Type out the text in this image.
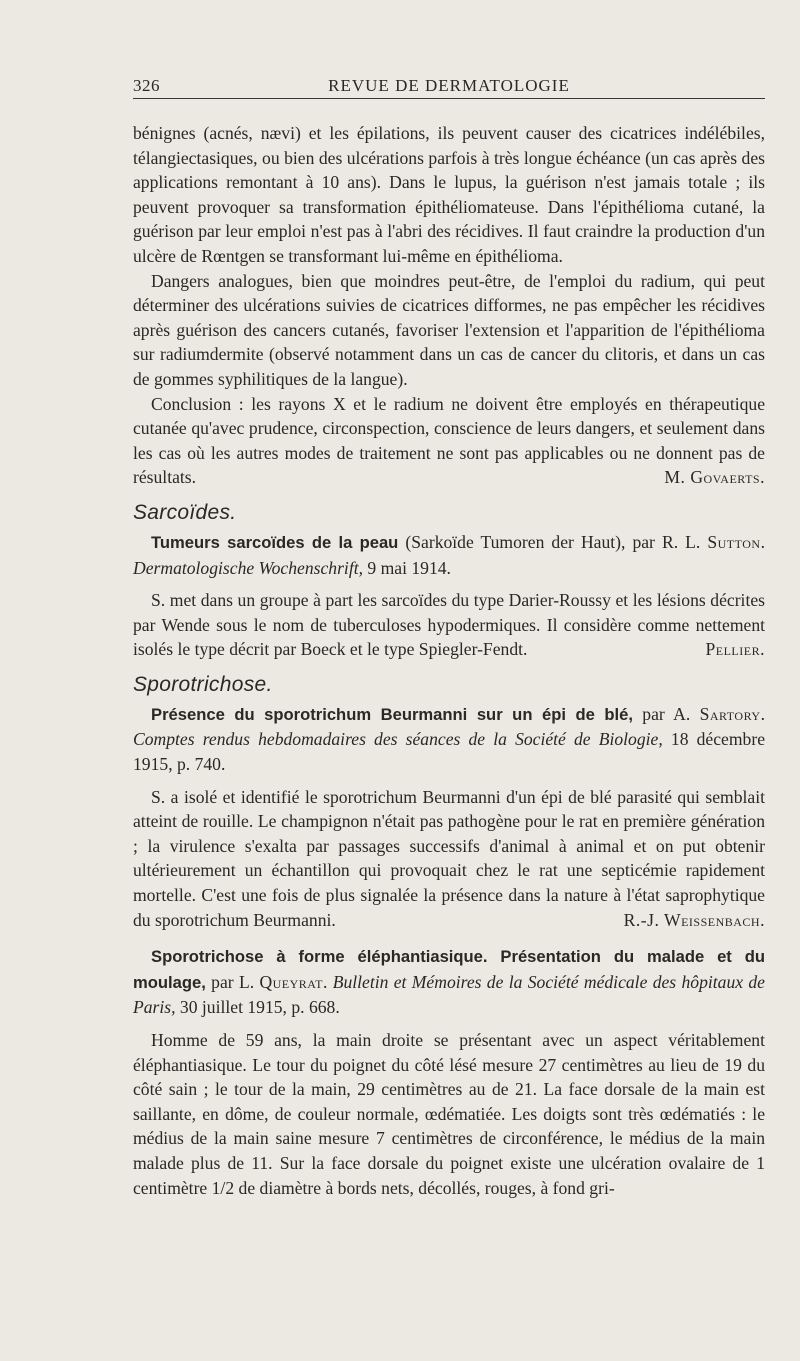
326	REVUE DE DERMATOLOGIE

bénignes (acnés, nævi) et les épilations, ils peuvent causer des cicatrices indélébiles, télangiectasiques, ou bien des ulcérations parfois à très longue échéance (un cas après des applications remontant à 10 ans). Dans le lupus, la guérison n'est jamais totale ; ils peuvent provoquer sa transformation épithéliomateuse. Dans l'épithélioma cutané, la guérison par leur emploi n'est pas à l'abri des récidives. Il faut craindre la production d'un ulcère de Rœntgen se transformant lui-même en épithélioma.

Dangers analogues, bien que moindres peut-être, de l'emploi du radium, qui peut déterminer des ulcérations suivies de cicatrices difformes, ne pas empêcher les récidives après guérison des cancers cutanés, favoriser l'extension et l'apparition de l'épithélioma sur radiumdermite (observé notamment dans un cas de cancer du clitoris, et dans un cas de gommes syphilitiques de la langue).

Conclusion : les rayons X et le radium ne doivent être employés en thérapeutique cutanée qu'avec prudence, circonspection, conscience de leurs dangers, et seulement dans les cas où les autres modes de traitement ne sont pas applicables ou ne donnent pas de résultats.	M. Govaerts.

Sarcoïdes.

Tumeurs sarcoïdes de la peau (Sarkoïde Tumoren der Haut), par R. L. Sutton. Dermatologische Wochenschrift, 9 mai 1914.

S. met dans un groupe à part les sarcoïdes du type Darier-Roussy et les lésions décrites par Wende sous le nom de tuberculoses hypodermiques. Il considère comme nettement isolés le type décrit par Boeck et le type Spiegler-Fendt.	Pellier.

Sporotrichose.

Présence du sporotrichum Beurmanni sur un épi de blé, par A. Sartory. Comptes rendus hebdomadaires des séances de la Société de Biologie, 18 décembre 1915, p. 740.

S. a isolé et identifié le sporotrichum Beurmanni d'un épi de blé parasité qui semblait atteint de rouille. Le champignon n'était pas pathogène pour le rat en première génération ; la virulence s'exalta par passages successifs d'animal à animal et on put obtenir ultérieurement un échantillon qui provoquait chez le rat une septicémie rapidement mortelle. C'est une fois de plus signalée la présence dans la nature à l'état saprophytique du sporotrichum Beurmanni.	R.-J. Weissenbach.

Sporotrichose à forme éléphantiasique. Présentation du malade et du moulage, par L. Queyrat. Bulletin et Mémoires de la Société médicale des hôpitaux de Paris, 30 juillet 1915, p. 668.

Homme de 59 ans, la main droite se présentant avec un aspect véritablement éléphantiasique. Le tour du poignet du côté lésé mesure 27 centimètres au lieu de 19 du côté sain ; le tour de la main, 29 centimètres au de 21. La face dorsale de la main est saillante, en dôme, de couleur normale, œdématiée. Les doigts sont très œdématiés : le médius de la main saine mesure 7 centimètres de circonférence, le médius de la main malade plus de 11. Sur la face dorsale du poignet existe une ulcération ovalaire de 1 centimètre 1/2 de diamètre à bords nets, décollés, rouges, à fond gri-
